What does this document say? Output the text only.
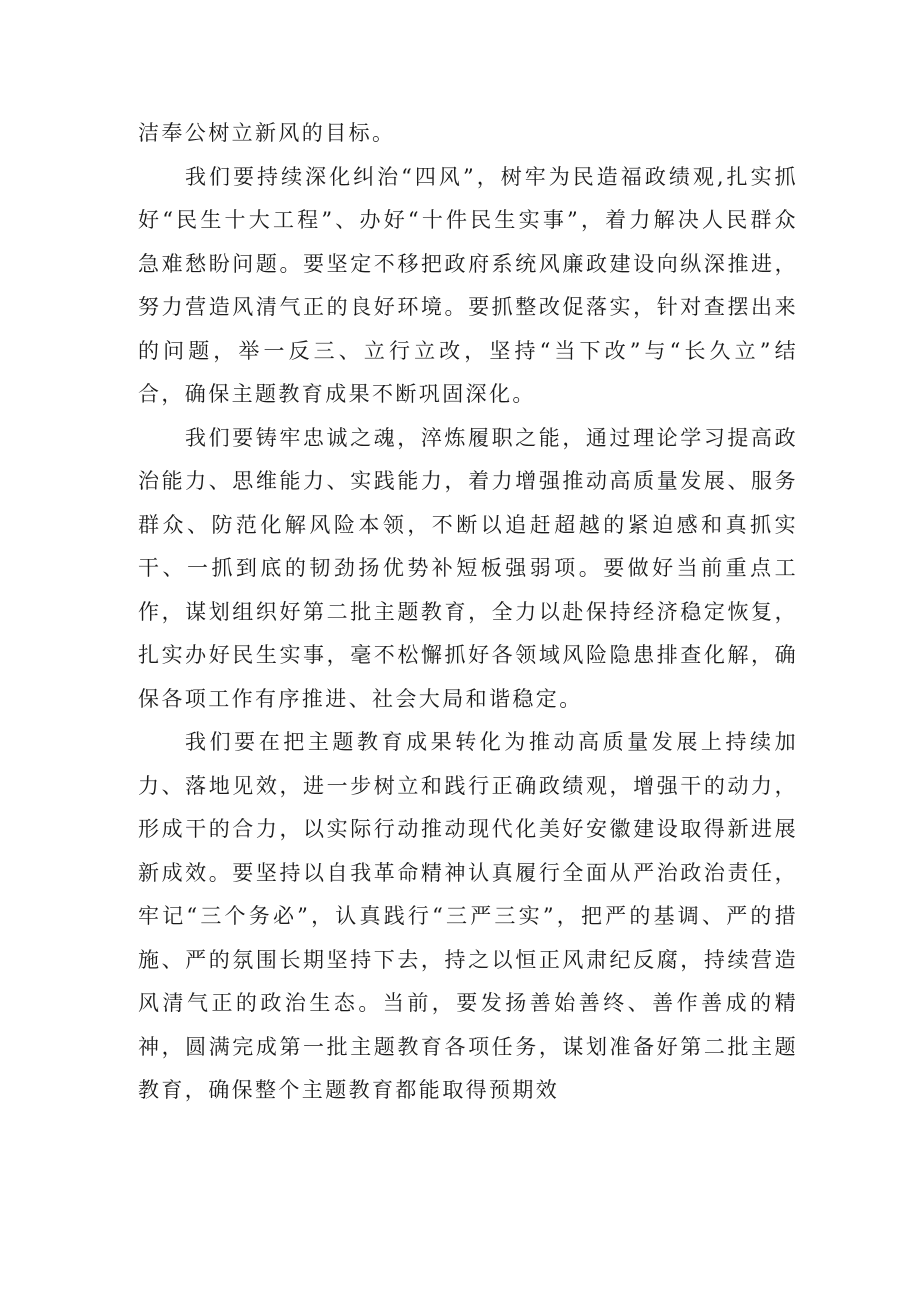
洁奉公树立新风的目标。

我们要持续深化纠治“四风”，树牢为民造福政绩观,扎实抓好“民生十大工程”、办好“十件民生实事”，着力解决人民群众急难愁盼问题。要坚定不移把政府系统风廉政建设向纵深推进，努力营造风清气正的良好环境。要抓整改促落实，针对查摆出来的问题，举一反三、立行立改，坚持“当下改”与“长久立”结合，确保主题教育成果不断巩固深化。

我们要铸牢忠诚之魂，淬炼履职之能，通过理论学习提高政治能力、思维能力、实践能力，着力增强推动高质量发展、服务群众、防范化解风险本领，不断以追赶超越的紧迫感和真抓实干、一抓到底的韧劲扬优势补短板强弱项。要做好当前重点工作，谋划组织好第二批主题教育，全力以赴保持经济稳定恢复，扎实办好民生实事，毫不松懈抓好各领域风险隐患排查化解，确保各项工作有序推进、社会大局和谐稳定。

我们要在把主题教育成果转化为推动高质量发展上持续加力、落地见效，进一步树立和践行正确政绩观，增强干的动力，形成干的合力，以实际行动推动现代化美好安徽建设取得新进展新成效。要坚持以自我革命精神认真履行全面从严治政治责任，牢记“三个务必”，认真践行“三严三实”，把严的基调、严的措施、严的氛围长期坚持下去，持之以恒正风肃纪反腐，持续营造风清气正的政治生态。当前，要发扬善始善终、善作善成的精神，圆满完成第一批主题教育各项任务，谋划准备好第二批主题教育，确保整个主题教育都能取得预期效
